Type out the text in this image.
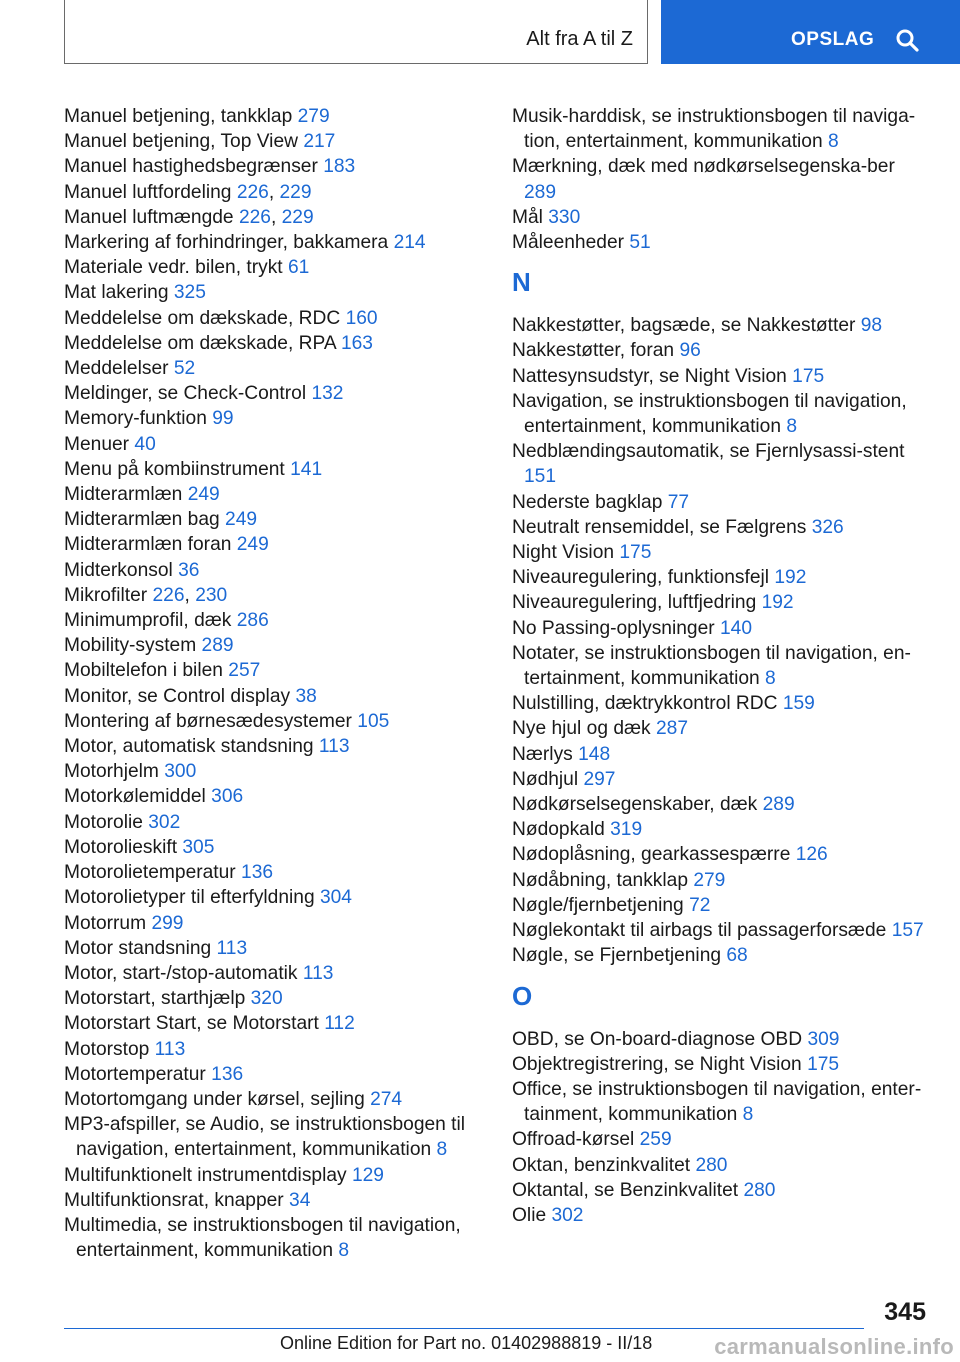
Alt fra A til Z	OPSLAG

Manuel betjening, tankklap 279

Manuel betjening, Top View 217

Manuel hastighedsbegrænser 183

Manuel luftfordeling 226, 229

Manuel luftmængde 226, 229

Markering af forhindringer, bakkamera 214

Materiale vedr. bilen, trykt 61

Mat lakering 325

Meddelelse om dækskade, RDC 160

Meddelelse om dækskade, RPA 163

Meddelelser 52

Meldinger, se Check-Control 132

Memory-funktion 99

Menuer 40

Menu på kombiinstrument 141

Midterarmlæn 249

Midterarmlæn bag 249

Midterarmlæn foran 249

Midterkonsol 36

Mikrofilter 226, 230

Minimumprofil, dæk 286

Mobility-system 289

Mobiltelefon i bilen 257

Monitor, se Control display 38

Montering af børnesædesystemer 105

Motor, automatisk standsning 113

Motorhjelm 300

Motorkølemiddel 306

Motorolie 302

Motorolieskift 305

Motorolietemperatur 136

Motorolietyper til efterfyldning 304

Motorrum 299

Motor standsning 113

Motor, start-/stop-automatik 113

Motorstart, starthjælp 320

Motorstart Start, se Motorstart 112

Motorstop 113

Motortemperatur 136

Motortomgang under kørsel, sejling 274

MP3-afspiller, se Audio, se instruktionsbogen til navigation, entertainment, kommunikation 8

Multifunktionelt instrumentdisplay 129

Multifunktionsrat, knapper 34

Multimedia, se instruktionsbogen til navigation, entertainment, kommunikation 8

Musik-harddisk, se instruktionsbogen til naviga‐tion, entertainment, kommunikation 8

Mærkning, dæk med nødkørselsegenska‐ber 289

Mål 330

Måleenheder 51

N

Nakkestøtter, bagsæde, se Nakkestøtter 98

Nakkestøtter, foran 96

Nattesynsudstyr, se Night Vision 175

Navigation, se instruktionsbogen til navigation, entertainment, kommunikation 8

Nedblændingsautomatik, se Fjernlysassi‐stent 151

Nederste bagklap 77

Neutralt rensemiddel, se Fælgrens 326

Night Vision 175

Niveauregulering, funktionsfejl 192

Niveauregulering, luftfjedring 192

No Passing-oplysninger 140

Notater, se instruktionsbogen til navigation, en‐tertainment, kommunikation 8

Nulstilling, dæktrykkontrol RDC 159

Nye hjul og dæk 287

Nærlys 148

Nødhjul 297

Nødkørselsegenskaber, dæk 289

Nødopkald 319

Nødoplåsning, gearkassespærre 126

Nødåbning, tankklap 279

Nøgle/fjernbetjening 72

Nøglekontakt til airbags til passagerforsæde 157

Nøgle, se Fjernbetjening 68

O

OBD, se On-board-diagnose OBD 309

Objektregistrering, se Night Vision 175

Office, se instruktionsbogen til navigation, enter‐tainment, kommunikation 8

Offroad-kørsel 259

Oktan, benzinkvalitet 280

Oktantal, se Benzinkvalitet 280

Olie 302

345
Online Edition for Part no. 01402988819 - II/18	carmanualsonline.info
